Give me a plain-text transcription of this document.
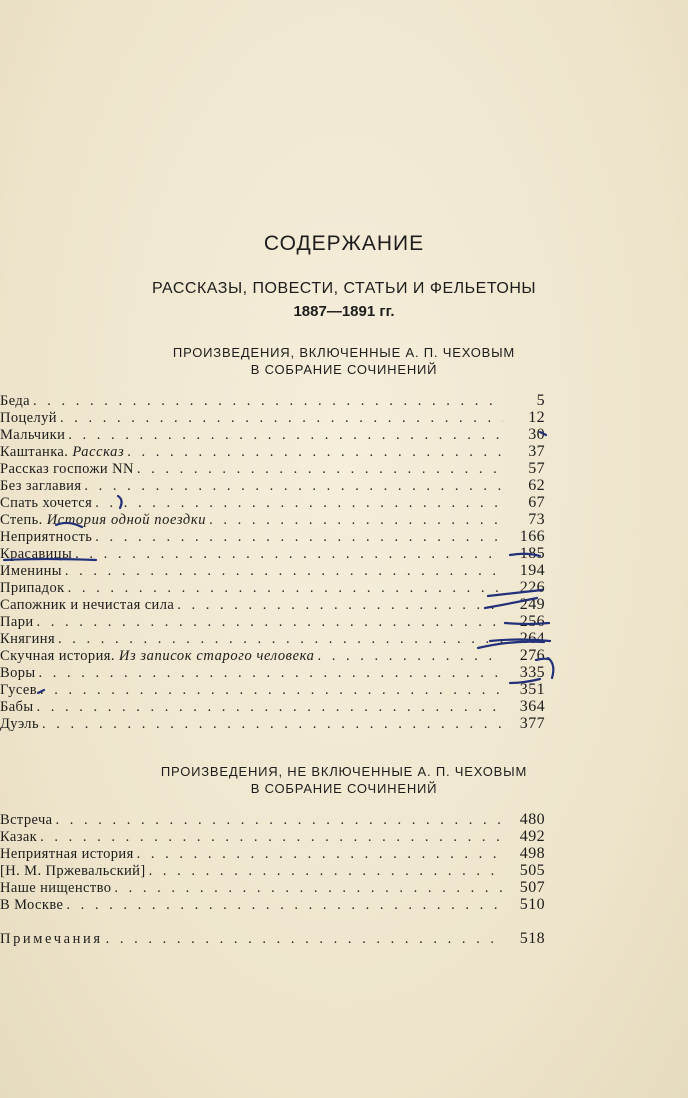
СОДЕРЖАНИЕ
РАССКАЗЫ, ПОВЕСТИ, СТАТЬИ И ФЕЛЬЕТОНЫ
1887—1891 гг.
ПРОИЗВЕДЕНИЯ, ВКЛЮЧЕННЫЕ А. П. ЧЕХОВЫМ
В СОБРАНИЕ СОЧИНЕНИЙ
Беда . . .	5
Поцелуй . . .	12
Мальчики . . .	30
Каштанка. Рассказ . . .	37
Рассказ госпожи NN . . .	57
Без заглавия . . .	62
Спать хочется . . .	67
Степь. История одной поездки . . .	73
Неприятность . . .	166
Красавицы . . .	185
Именины . . .	194
Припадок . . .	226
Сапожник и нечистая сила . . .	249
Пари . . .	256
Княгиня . . .	264
Скучная история. Из записок старого человека . . .	276
Воры . . .	335
Гусев . . .	351
Бабы . . .	364
Дуэль . . .	377
ПРОИЗВЕДЕНИЯ, НЕ ВКЛЮЧЕННЫЕ А. П. ЧЕХОВЫМ
В СОБРАНИЕ СОЧИНЕНИЙ
Встреча . . .	480
Казак . . .	492
Неприятная история . . .	498
[Н. М. Пржевальский] . . .	505
Наше нищенство . . .	507
В Москве . . .	510
Примечания . . .	518
